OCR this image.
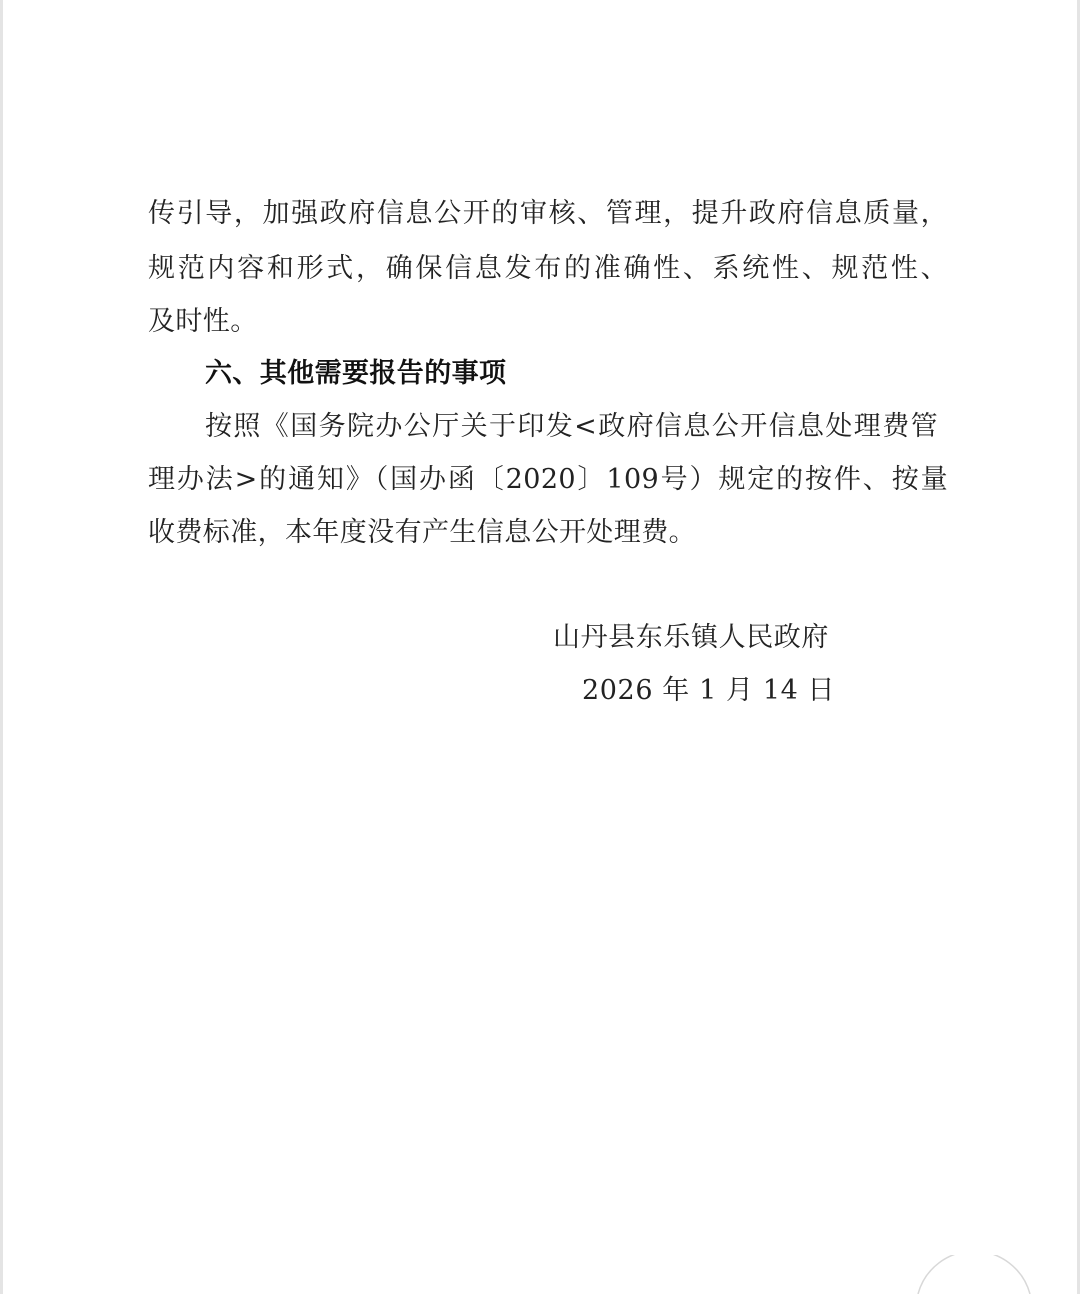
传引导，加强政府信息公开的审核、管理，提升政府信息质量，
规范内容和形式，确保信息发布的准确性、系统性、规范性、
及时性。
六、其他需要报告的事项
按照《国务院办公厅关于印发<政府信息公开信息处理费管
理办法>的通知》（国办函〔2020〕109号）规定的按件、按量
收费标准，本年度没有产生信息公开处理费。
山丹县东乐镇人民政府
2026 年 1 月 14 日
